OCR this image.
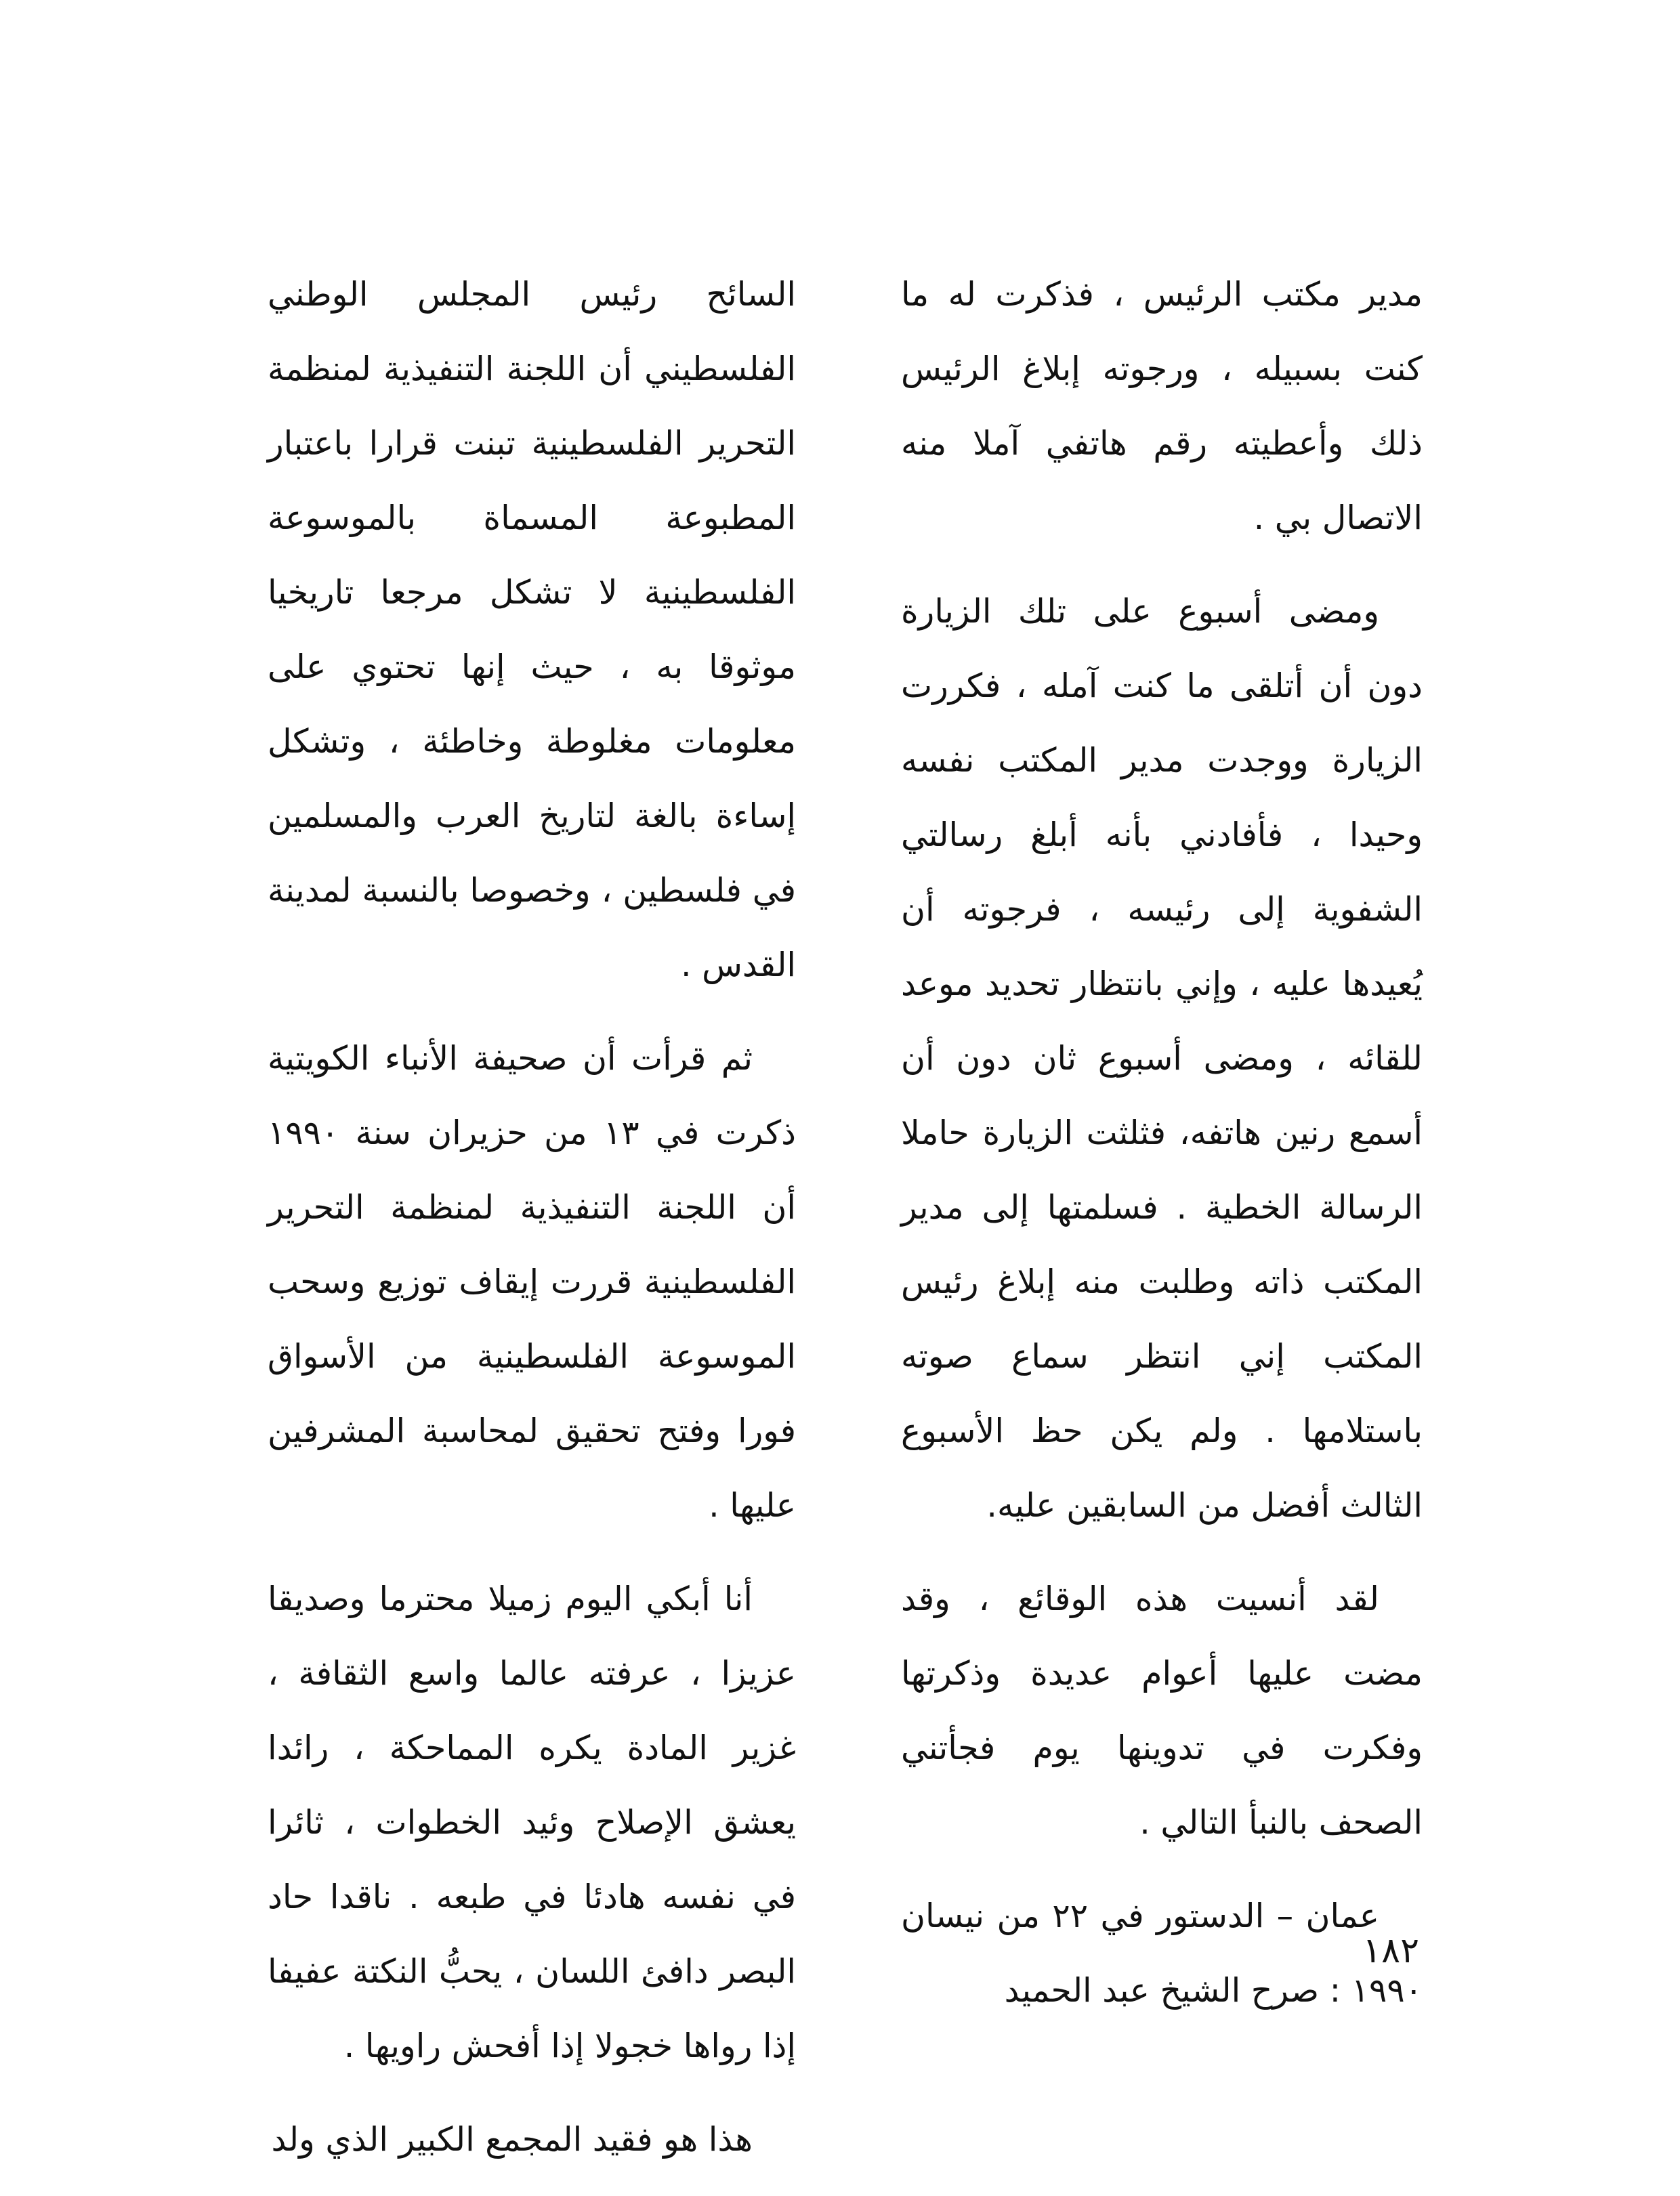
مدير مكتب الرئيس ، فذكرت له ما كنت بسبيله ، ورجوته إبلاغ الرئيس ذلك وأعطيته رقم هاتفي آملا منه الاتصال بي .

ومضى أسبوع على تلك الزيارة دون أن أتلقى ما كنت آمله ، فكررت الزيارة ووجدت مدير المكتب نفسه وحيدا ، فأفادني بأنه أبلغ رسالتي الشفوية إلى رئيسه ، فرجوته أن يُعيدها عليه ، وإني بانتظار تحديد موعد للقائه ، ومضى أسبوع ثان دون أن أسمع رنين هاتفه، فثلثت الزيارة حاملا الرسالة الخطية . فسلمتها إلى مدير المكتب ذاته وطلبت منه إبلاغ رئيس المكتب إني انتظر سماع صوته باستلامها . ولم يكن حظ الأسبوع الثالث أفضل من السابقين عليه.

لقد أنسيت هذه الوقائع ، وقد مضت عليها أعوام عديدة وذكرتها وفكرت في تدوينها يوم فجأتني الصحف بالنبأ التالي .

عمان – الدستور في ٢٢ من نيسان ١٩٩٠ : صرح الشيخ عبد الحميد

السائح رئيس المجلس الوطني الفلسطيني أن اللجنة التنفيذية لمنظمة التحرير الفلسطينية تبنت قرارا باعتبار المطبوعة المسماة بالموسوعة الفلسطينية لا تشكل مرجعا تاريخيا موثوقا به ، حيث إنها تحتوي على معلومات مغلوطة وخاطئة ، وتشكل إساءة بالغة لتاريخ العرب والمسلمين في فلسطين ، وخصوصا بالنسبة لمدينة القدس .

ثم قرأت أن صحيفة الأنباء الكويتية ذكرت في ١٣ من حزيران سنة ١٩٩٠ أن اللجنة التنفيذية لمنظمة التحرير الفلسطينية قررت إيقاف توزيع وسحب الموسوعة الفلسطينية من الأسواق فورا وفتح تحقيق لمحاسبة المشرفين عليها .

أنا أبكي اليوم زميلا محترما وصديقا عزيزا ، عرفته عالما واسع الثقافة ، غزير المادة يكره المماحكة ، رائدا يعشق الإصلاح وئيد الخطوات ، ثائرا في نفسه هادئا في طبعه . ناقدا حاد البصر دافئ اللسان ، يحبُّ النكتة عفيفا إذا رواها خجولا إذا أفحش راويها .

هذا هو فقيد المجمع الكبير الذي ولد

١٨٢
